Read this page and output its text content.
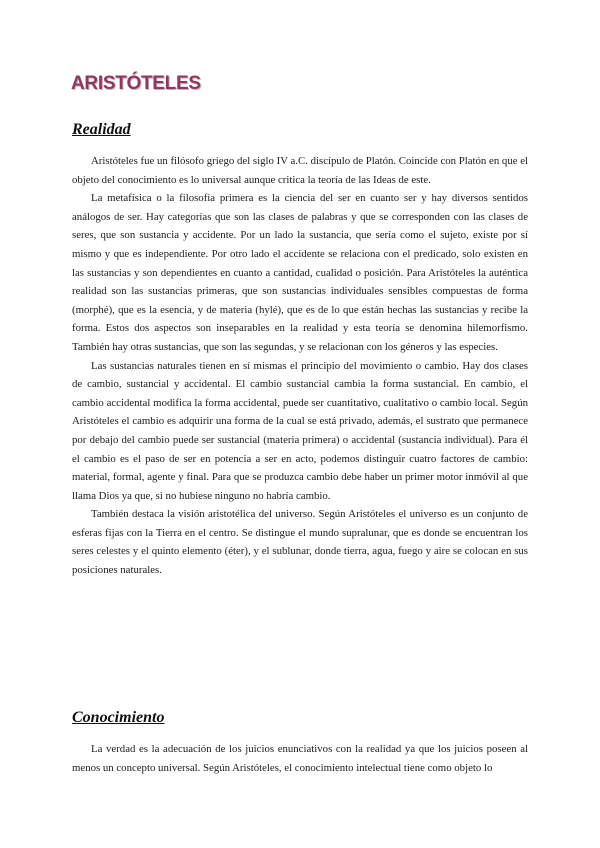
ARISTÓTELES
Realidad

Aristóteles fue un filósofo griego del siglo IV a.C. discípulo de Platón. Coincide con Platón en que el objeto del conocimiento es lo universal aunque critica la teoría de las Ideas de este.

La metafísica o la filosofía primera es la ciencia del ser en cuanto ser y hay diversos sentidos análogos de ser. Hay categorías que son las clases de palabras y que se corresponden con las clases de seres, que son sustancia y accidente. Por un lado la sustancia, que sería como el sujeto, existe por sí mismo y que es independiente. Por otro lado el accidente se relaciona con el predicado, solo existen en las sustancias y son dependientes en cuanto a cantidad, cualidad o posición. Para Aristóteles la auténtica realidad son las sustancias primeras, que son sustancias individuales sensibles compuestas de forma (morphé), que es la esencia, y de materia (hylé), que es de lo que están hechas las sustancias y recibe la forma. Estos dos aspectos son inseparables en la realidad y esta teoría se denomina hilemorfismo. También hay otras sustancias, que son las segundas, y se relacionan con los géneros y las especies.

Las sustancias naturales tienen en sí mismas el principio del movimiento o cambio. Hay dos clases de cambio, sustancial y accidental. El cambio sustancial cambia la forma sustancial. En cambio, el cambio accidental modifica la forma accidental, puede ser cuantitativo, cualitativo o cambio local. Según Aristóteles el cambio es adquirir una forma de la cual se está privado, además, el sustrato que permanece por debajo del cambio puede ser sustancial (materia primera) o accidental (sustancia individual). Para él el cambio es el paso de ser en potencia a ser en acto, podemos distinguir cuatro factores de cambio: material, formal, agente y final. Para que se produzca cambio debe haber un primer motor inmóvil al que llama Dios ya que, si no hubiese ninguno no habría cambio.

También destaca la visión aristotélica del universo. Según Aristóteles el universo es un conjunto de esferas fijas con la Tierra en el centro. Se distingue el mundo supralunar, que es donde se encuentran los seres celestes y el quinto elemento (éter), y el sublunar, donde tierra, agua, fuego y aire se colocan en sus posiciones naturales.

Conocimiento

La verdad es la adecuación de los juicios enunciativos con la realidad ya que los juicios poseen al menos un concepto universal. Según Aristóteles, el conocimiento intelectual tiene como objeto lo
